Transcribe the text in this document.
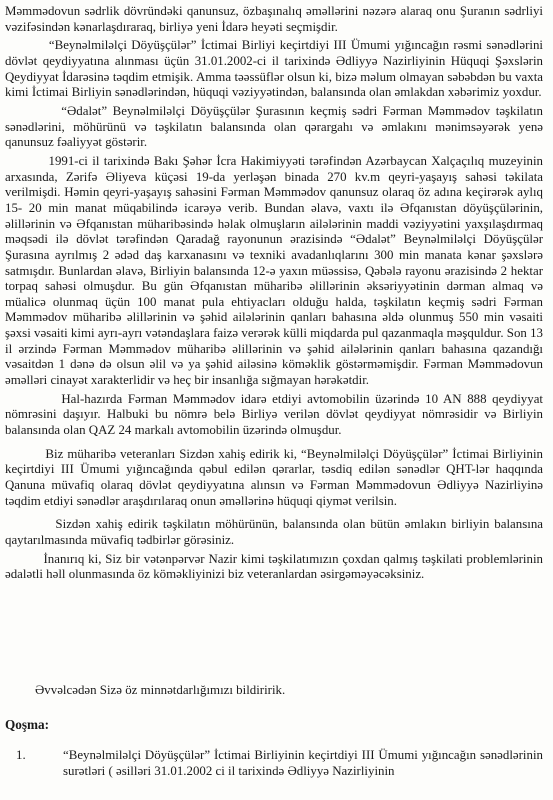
Məmmədovun sədrlik dövründəki qanunsuz, özbaşınalıq əməllərini nəzərə alaraq onu Şuranın sədrliyi vəzifəsindən kənarlaşdıraraq, birliyə yeni İdarə heyəti seçmişdir.

“Beynəlmiləlçi Döyüşçülər” İctimai Birliyi keçirtdiyi III Ümumi yığıncağın rəsmi sənədlərini dövlət qeydiyyatına alınması üçün 31.01.2002-ci il tarixində Ədliyyə Nazirliyinin Hüquqi Şəxslərin Qeydiyyat İdarəsinə təqdim etmişik. Amma təəssüflər olsun ki, bizə məlum olmayan səbəbdən bu vaxta kimi İctimai Birliyin sənədlərindən, hüquqi vəziyyətindən, balansında olan əmlakdan xəbərimiz yoxdur.

“Ədalət” Beynəlmiləlçi Döyüşçülər Şurasının keçmiş sədri Fərman Məmmədov təşkilatın sənədlərini, möhürünü və təşkilatın balansında olan qərargahı və əmlakını mənimsəyərək yenə qanunsuz fəaliyyət göstərir.

1991-ci il tarixində Bakı Şəhər İcra Hakimiyyəti tərəfindən Azərbaycan Xalçaçılıq muzeyinin arxasında, Zərifə Əliyeva küçəsi 19-da yerləşən binada 270 kv.m qeyri-yaşayış sahəsi təkilata verilmişdi. Həmin qeyri-yaşayış sahəsini Fərman Məmmədov qanunsuz olaraq öz adına keçirərək aylıq 15- 20 min manat müqabilində icarəyə verib. Bundan əlavə, vaxtı ilə Əfqanıstan döyüşçülərinin, əlillərinin və Əfqanıstan müharibəsində həlak olmuşların ailələrinin maddi vəziyyətini yaxşılaşdırmaq məqsədi ilə dövlət tərəfindən Qaradağ rayonunun ərazisində “Ədalət” Beynəlmiləlçi Döyüşçülər Şurasına ayrılmış 2 ədəd daş karxanasını və texniki avadanlıqlarını 300 min manata kənar şəxslərə satmışdır. Bunlardan əlavə, Birliyin balansında 12-ə yaxın müəssisə, Qəbələ rayonu ərazisində 2 hektar torpaq sahəsi olmuşdur. Bu gün Əfqanıstan müharibə əlillərinin əksəriyyətinin dərman almaq və müalicə olunmaq üçün 100 manat pula ehtiyacları olduğu halda, təşkilatın keçmiş sədri Fərman Məmmədov müharibə əlillərinin və şəhid ailələrinin qanları bahasına əldə olunmuş 550 min vəsaiti şəxsi vəsaiti kimi ayrı-ayrı vətəndaşlara faizə verərək külli miqdarda pul qazanmaqla məşquldur. Son 13 il ərzində Fərman Məmmədov müharibə əlillərinin və şəhid ailələrinin qanları bahasına qazandığı vəsaitdən 1 dənə də olsun əlil və ya şəhid ailəsinə köməklik göstərməmişdir. Fərman Məmmədovun əməlləri cinayət xarakterlidir və heç bir insanlığa sığmayan hərəkətdir.

Hal-hazırda Fərman Məmmədov idarə etdiyi avtomobilin üzərində 10 AN 888 qeydiyyat nömrəsini daşıyır. Halbuki bu nömrə belə Birliyə verilən dövlət qeydiyyat nömrəsidir və Birliyin balansında olan QAZ 24 markalı avtomobilin üzərində olmuşdur.

Biz müharibə veteranları Sizdən xahiş edirik ki, “Beynəlmiləlçi Döyüşçülər” İctimai Birliyinin keçirtdiyi III Ümumi yığıncağında qəbul edilən qərarlar, təsdiq edilən sənədlər QHT-lər haqqında Qanuna müvafiq olaraq dövlət qeydiyyatına alınsın və Fərman Məmmədovun Ədliyyə Nazirliyinə təqdim etdiyi sənədlər araşdırılaraq onun əməllərinə hüquqi qiymət verilsin.

Sizdən xahiş edirik təşkilatın möhürünün, balansında olan bütün əmlakın birliyin balansına qaytarılmasında müvafiq tədbirlər görəsiniz.

İnanırıq ki, Siz bir vətənpərvər Nazir kimi təşkilatımızın çoxdan qalmış təşkilati problemlərinin ədalətli həll olunmasında öz köməkliyinizi biz veteranlardan əsirgəməyəcəksiniz.

Əvvəlcədən Sizə öz minnətdarlığımızı bildiririk.
Qoşma:
1.	“Beynəlmiləlçi Döyüşçülər” İctimai Birliyinin keçirtdiyi III Ümumi yığıncağın sənədlərinin surətləri ( əsilləri 31.01.2002 ci il tarixində Ədliyyə Nazirliyinin
